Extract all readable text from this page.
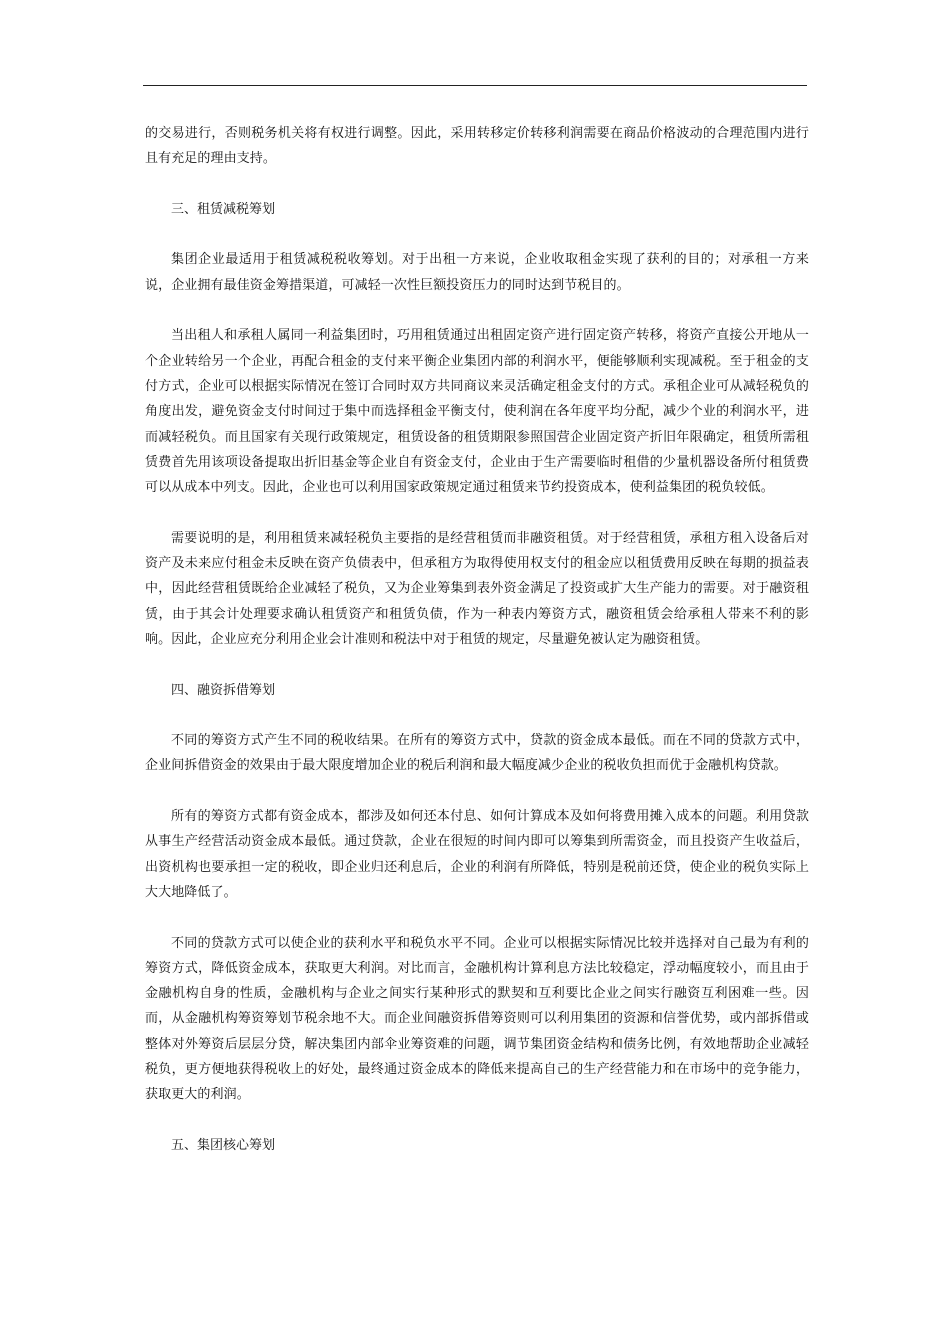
的交易进行，否则税务机关将有权进行调整。因此，采用转移定价转移利润需要在商品价格波动的合理范围内进行且有充足的理由支持。

三、租赁减税筹划

集团企业最适用于租赁减税税收筹划。对于出租一方来说，企业收取租金实现了获利的目的；对承租一方来说，企业拥有最佳资金筹措渠道，可减轻一次性巨额投资压力的同时达到节税目的。

当出租人和承租人属同一利益集团时，巧用租赁通过出租固定资产进行固定资产转移，将资产直接公开地从一个企业转给另一个企业，再配合租金的支付来平衡企业集团内部的利润水平，便能够顺利实现减税。至于租金的支付方式，企业可以根据实际情况在签订合同时双方共同商议来灵活确定租金支付的方式。承租企业可从减轻税负的角度出发，避免资金支付时间过于集中而选择租金平衡支付，使利润在各年度平均分配，减少个业的利润水平，进而减轻税负。而且国家有关现行政策规定，租赁设备的租赁期限参照国营企业固定资产折旧年限确定，租赁所需租赁费首先用该项设备提取出折旧基金等企业自有资金支付，企业由于生产需要临时租借的少量机器设备所付租赁费可以从成本中列支。因此，企业也可以利用国家政策规定通过租赁来节约投资成本，使利益集团的税负较低。

需要说明的是，利用租赁来减轻税负主要指的是经营租赁而非融资租赁。对于经营租赁，承租方租入设备后对资产及未来应付租金未反映在资产负债表中，但承租方为取得使用权支付的租金应以租赁费用反映在每期的损益表中，因此经营租赁既给企业减轻了税负，又为企业筹集到表外资金满足了投资或扩大生产能力的需要。对于融资租赁，由于其会计处理要求确认租赁资产和租赁负债，作为一种表内筹资方式，融资租赁会给承租人带来不利的影响。因此，企业应充分利用企业会计准则和税法中对于租赁的规定，尽量避免被认定为融资租赁。

四、融资拆借筹划

不同的筹资方式产生不同的税收结果。在所有的筹资方式中，贷款的资金成本最低。而在不同的贷款方式中，企业间拆借资金的效果由于最大限度增加企业的税后利润和最大幅度减少企业的税收负担而优于金融机构贷款。

所有的筹资方式都有资金成本，都涉及如何还本付息、如何计算成本及如何将费用摊入成本的问题。利用贷款从事生产经营活动资金成本最低。通过贷款，企业在很短的时间内即可以筹集到所需资金，而且投资产生收益后，出资机构也要承担一定的税收，即企业归还利息后，企业的利润有所降低，特别是税前还贷，使企业的税负实际上大大地降低了。

不同的贷款方式可以使企业的获利水平和税负水平不同。企业可以根据实际情况比较并选择对自己最为有利的筹资方式，降低资金成本，获取更大利润。对比而言，金融机构计算利息方法比较稳定，浮动幅度较小，而且由于金融机构自身的性质，金融机构与企业之间实行某种形式的默契和互利要比企业之间实行融资互利困难一些。因而，从金融机构筹资筹划节税余地不大。而企业间融资拆借筹资则可以利用集团的资源和信誉优势，或内部拆借或整体对外筹资后层层分贷，解决集团内部伞业筹资难的问题，调节集团资金结构和债务比例，有效地帮助企业减轻税负，更方便地获得税收上的好处，最终通过资金成本的降低来提高自己的生产经营能力和在市场中的竞争能力，获取更大的利润。

五、集团核心筹划
